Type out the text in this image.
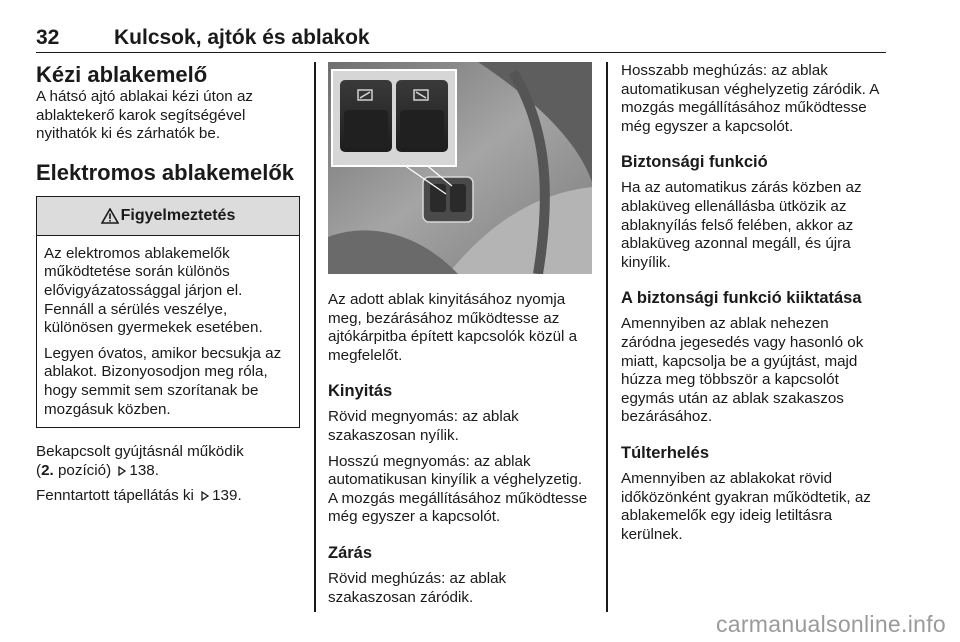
32	Kulcsok, ajtók és ablakok
Kézi ablakemelő

A hátsó ajtó ablakai kézi úton az ablaktekerő karok segítségével nyithatók ki és zárhatók be.

Elektromos ablakemelők
Figyelmeztetés

Az elektromos ablakemelők működtetése során különös elővigyázatossággal járjon el. Fennáll a sérülés veszélye, különösen gyermekek esetében.

Legyen óvatos, amikor becsukja az ablakot. Bizonyosodjon meg róla, hogy semmit sem szorítanak be mozgásuk közben.

Bekapcsolt gyújtásnál működik
(2. pozíció) 138.

Fenntartott tápellátás ki 139.

Az adott ablak kinyitásához nyomja meg, bezárásához működtesse az ajtókárpitba épített kapcsolók közül a megfelelőt.

Kinyitás

Rövid megnyomás: az ablak szakaszosan nyílik.

Hosszú megnyomás: az ablak automatikusan kinyílik a véghelyzetig. A mozgás megállításához működtesse még egyszer a kapcsolót.

Zárás

Rövid meghúzás: az ablak szakaszosan záródik.

Hosszabb meghúzás: az ablak automatikusan véghelyzetig záródik. A mozgás megállításához működtesse még egyszer a kapcsolót.

Biztonsági funkció

Ha az automatikus zárás közben az ablaküveg ellenállásba ütközik az ablaknyílás felső felében, akkor az ablaküveg azonnal megáll, és újra kinyílik.

A biztonsági funkció kiiktatása

Amennyiben az ablak nehezen záródna jegesedés vagy hasonló ok miatt, kapcsolja be a gyújtást, majd húzza meg többször a kapcsolót egymás után az ablak szakaszos bezárásához.

Túlterhelés

Amennyiben az ablakokat rövid időközönként gyakran működtetik, az ablakemelők egy ideig letiltásra kerülnek.

carmanualsonline.info
